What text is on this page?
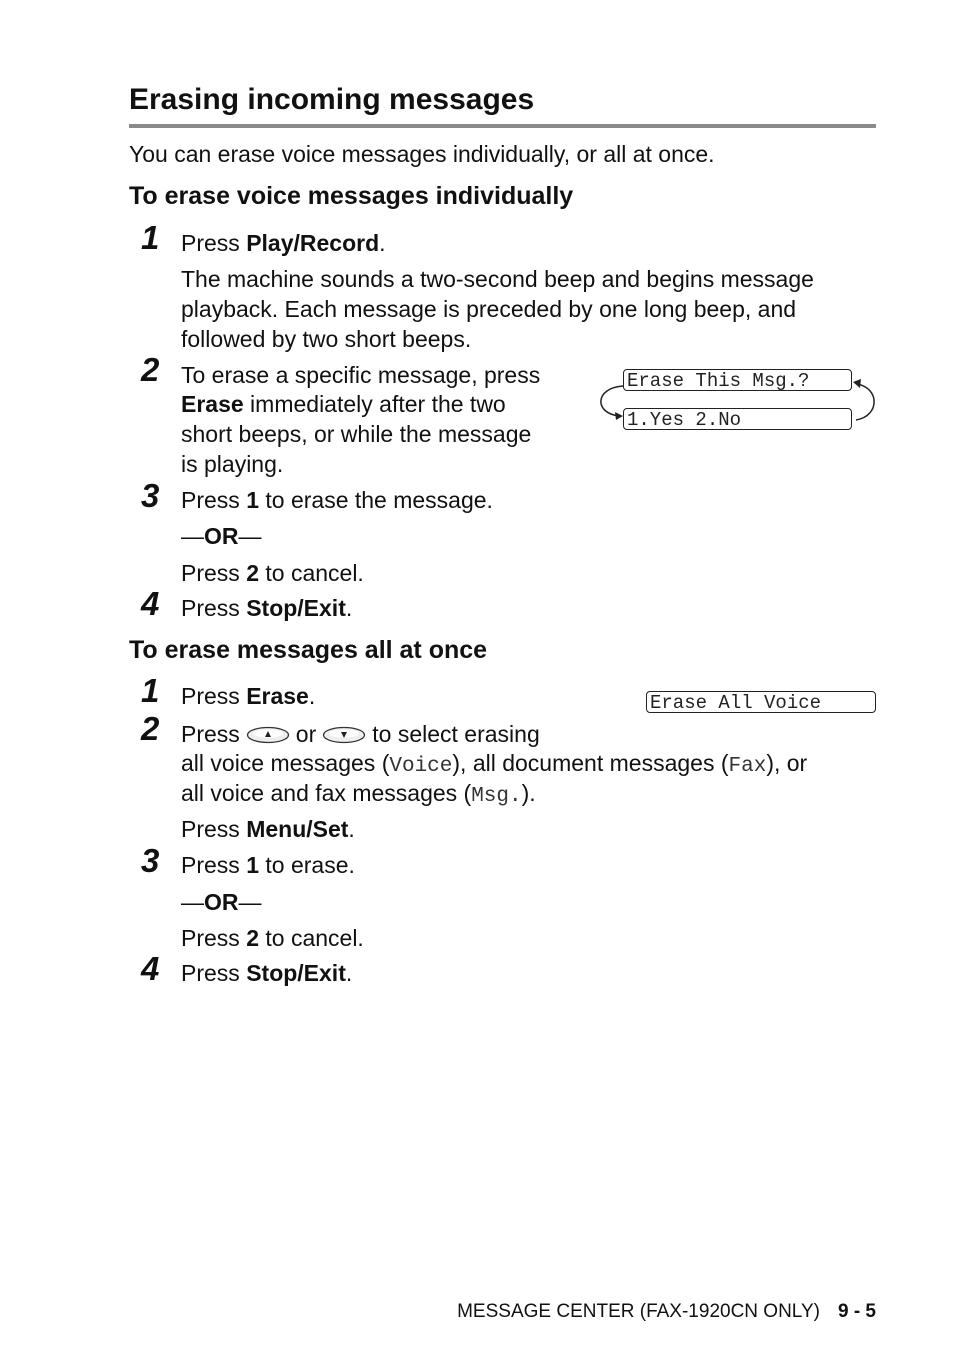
Erasing incoming messages
You can erase voice messages individually, or all at once.
To erase voice messages individually
1 Press Play/Record.
The machine sounds a two-second beep and begins message
playback. Each message is preceded by one long beep, and
followed by two short beeps.
2 To erase a specific message, press
Erase immediately after the two
short beeps, or while the message
is playing.
Erase This Msg.?
1.Yes 2.No
3 Press 1 to erase the message.
—OR—
Press 2 to cancel.
4 Press Stop/Exit.
To erase messages all at once
1 Press Erase.	Erase All Voice
2 Press or to select erasing
all voice messages (Voice), all document messages (Fax), or
all voice and fax messages (Msg.).
Press Menu/Set.
3 Press 1 to erase.
—OR—
Press 2 to cancel.
4 Press Stop/Exit.
MESSAGE CENTER (FAX-1920CN ONLY) 9 - 5
